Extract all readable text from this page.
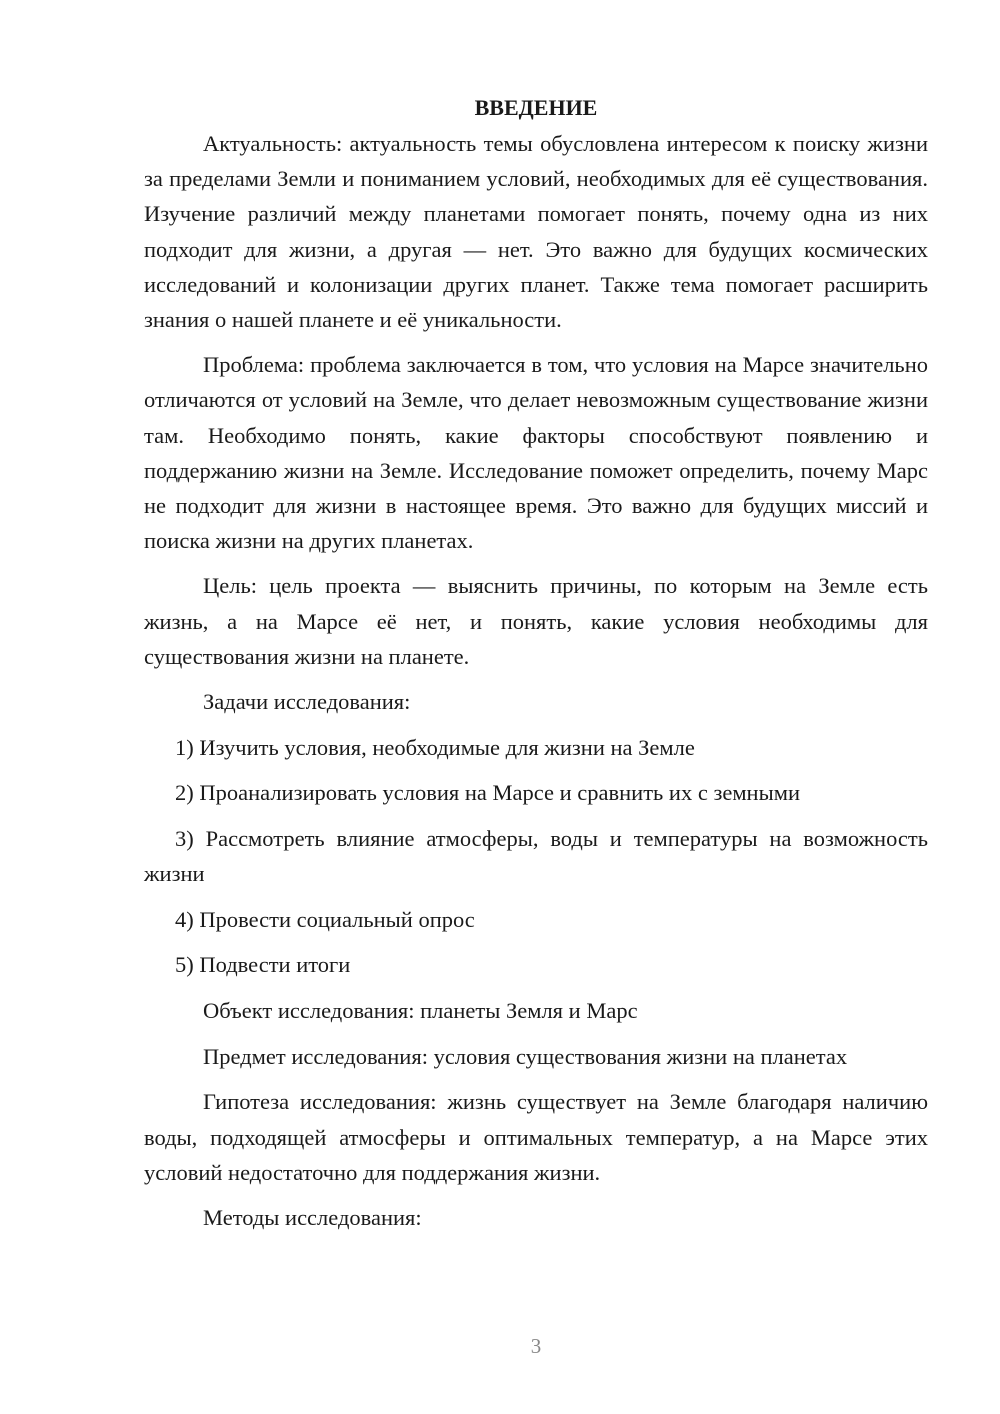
ВВЕДЕНИЕ

Актуальность: актуальность темы обусловлена интересом к поиску жизни за пределами Земли и пониманием условий, необходимых для её существования. Изучение различий между планетами помогает понять, почему одна из них подходит для жизни, а другая — нет. Это важно для будущих космических исследований и колонизации других планет. Также тема помогает расширить знания о нашей планете и её уникальности.

Проблема: проблема заключается в том, что условия на Марсе значительно отличаются от условий на Земле, что делает невозможным существование жизни там. Необходимо понять, какие факторы способствуют появлению и поддержанию жизни на Земле. Исследование поможет определить, почему Марс не подходит для жизни в настоящее время. Это важно для будущих миссий и поиска жизни на других планетах.

Цель: цель проекта — выяснить причины, по которым на Земле есть жизнь, а на Марсе её нет, и понять, какие условия необходимы для существования жизни на планете.

Задачи исследования:

1) Изучить условия, необходимые для жизни на Земле

2) Проанализировать условия на Марсе и сравнить их с земными

3) Рассмотреть влияние атмосферы, воды и температуры на возможность жизни

4) Провести социальный опрос

5) Подвести итоги

Объект исследования: планеты Земля и Марс

Предмет исследования: условия существования жизни на планетах

Гипотеза исследования: жизнь существует на Земле благодаря наличию воды, подходящей атмосферы и оптимальных температур, а на Марсе этих условий недостаточно для поддержания жизни.

Методы исследования:

3
